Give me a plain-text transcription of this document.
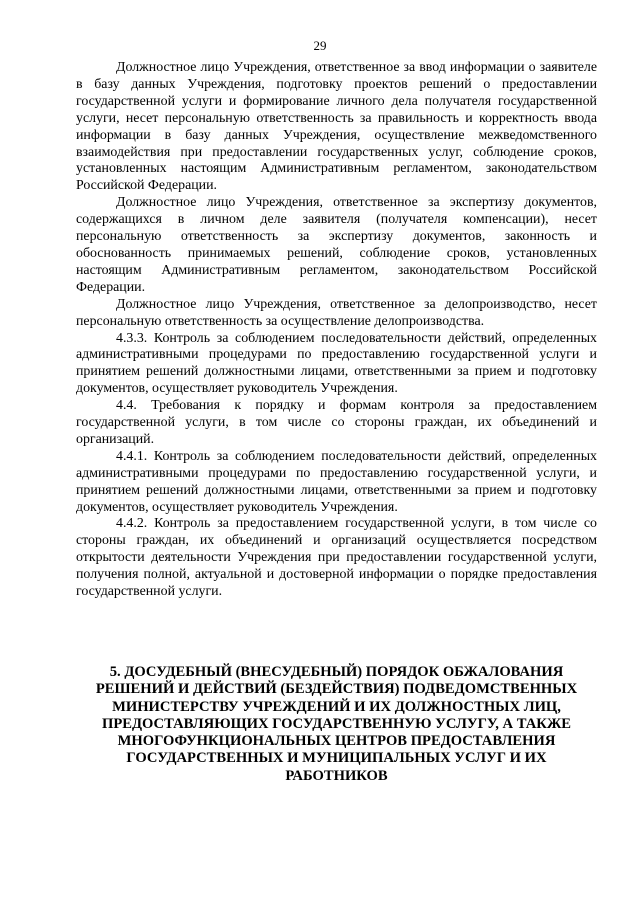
29

Должностное лицо Учреждения, ответственное за ввод информации о заявителе в базу данных Учреждения, подготовку проектов решений о предоставлении государственной услуги и формирование личного дела получателя государственной услуги, несет персональную ответственность за правильность и корректность ввода информации в базу данных Учреждения, осуществление межведомственного взаимодействия при предоставлении государственных услуг, соблюдение сроков, установленных настоящим Административным регламентом, законодательством Российской Федерации.

Должностное лицо Учреждения, ответственное за экспертизу документов, содержащихся в личном деле заявителя (получателя компенсации), несет персональную ответственность за экспертизу документов, законность и обоснованность принимаемых решений, соблюдение сроков, установленных настоящим Административным регламентом, законодательством Российской Федерации.

Должностное лицо Учреждения, ответственное за делопроизводство, несет персональную ответственность за осуществление делопроизводства.

4.3.3. Контроль за соблюдением последовательности действий, определенных административными процедурами по предоставлению государственной услуги и принятием решений должностными лицами, ответственными за прием и подготовку документов, осуществляет руководитель Учреждения.

4.4. Требования к порядку и формам контроля за предоставлением государственной услуги, в том числе со стороны граждан, их объединений и организаций.

4.4.1. Контроль за соблюдением последовательности действий, определенных административными процедурами по предоставлению государственной услуги, и принятием решений должностными лицами, ответственными за прием и подготовку документов, осуществляет руководитель Учреждения.

4.4.2. Контроль за предоставлением государственной услуги, в том числе со стороны граждан, их объединений и организаций осуществляется посредством открытости деятельности Учреждения при предоставлении государственной услуги, получения полной, актуальной и достоверной информации о порядке предоставления государственной услуги.

5. ДОСУДЕБНЫЙ (ВНЕСУДЕБНЫЙ) ПОРЯДОК ОБЖАЛОВАНИЯ РЕШЕНИЙ И ДЕЙСТВИЙ (БЕЗДЕЙСТВИЯ) ПОДВЕДОМСТВЕННЫХ МИНИСТЕРСТВУ УЧРЕЖДЕНИЙ И ИХ ДОЛЖНОСТНЫХ ЛИЦ, ПРЕДОСТАВЛЯЮЩИХ ГОСУДАРСТВЕННУЮ УСЛУГУ, А ТАКЖЕ МНОГОФУНКЦИОНАЛЬНЫХ ЦЕНТРОВ ПРЕДОСТАВЛЕНИЯ ГОСУДАРСТВЕННЫХ И МУНИЦИПАЛЬНЫХ УСЛУГ И ИХ РАБОТНИКОВ
